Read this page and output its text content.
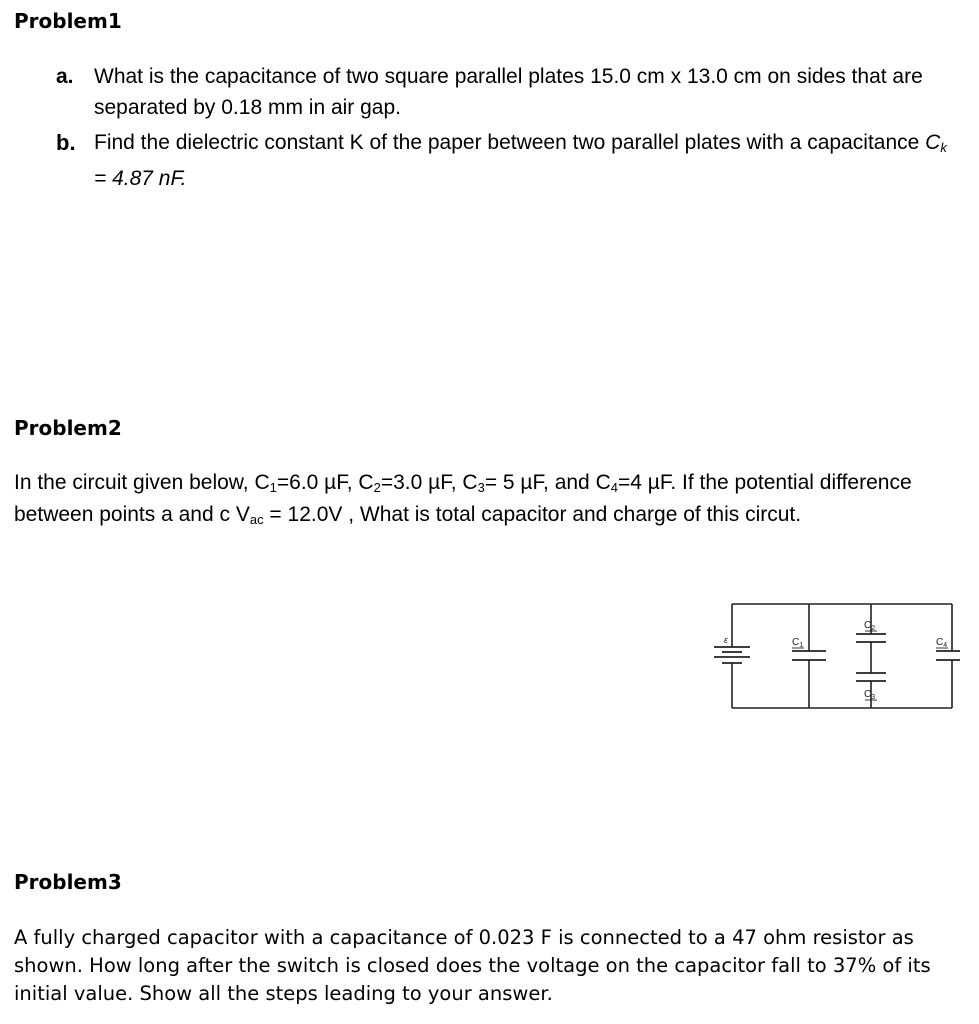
Problem1
a. What is the capacitance of two square parallel plates 15.0 cm x 13.0 cm on sides that are separated by 0.18 mm in air gap.
b. Find the dielectric constant K of the paper between two parallel plates with a capacitance Ck = 4.87 nF.
Problem2

In the circuit given below, $C_1=6.0$ µF, $C_2=3.0$ µF, $C_3= 5$ µF, and $C_4=4$ µF. If the potential difference between points a and c $V_{ac} = 12.0V$ , What is total capacitor and charge of this circut.

ε	$C_1$
$C_2$
$C_3$
$C_4$
Problem3

A fully charged capacitor with a capacitance of 0.023 F is connected to a 47 ohm resistor as shown. How long after the switch is closed does the voltage on the capacitor fall to 37% of its initial value. Show all the steps leading to your answer.
